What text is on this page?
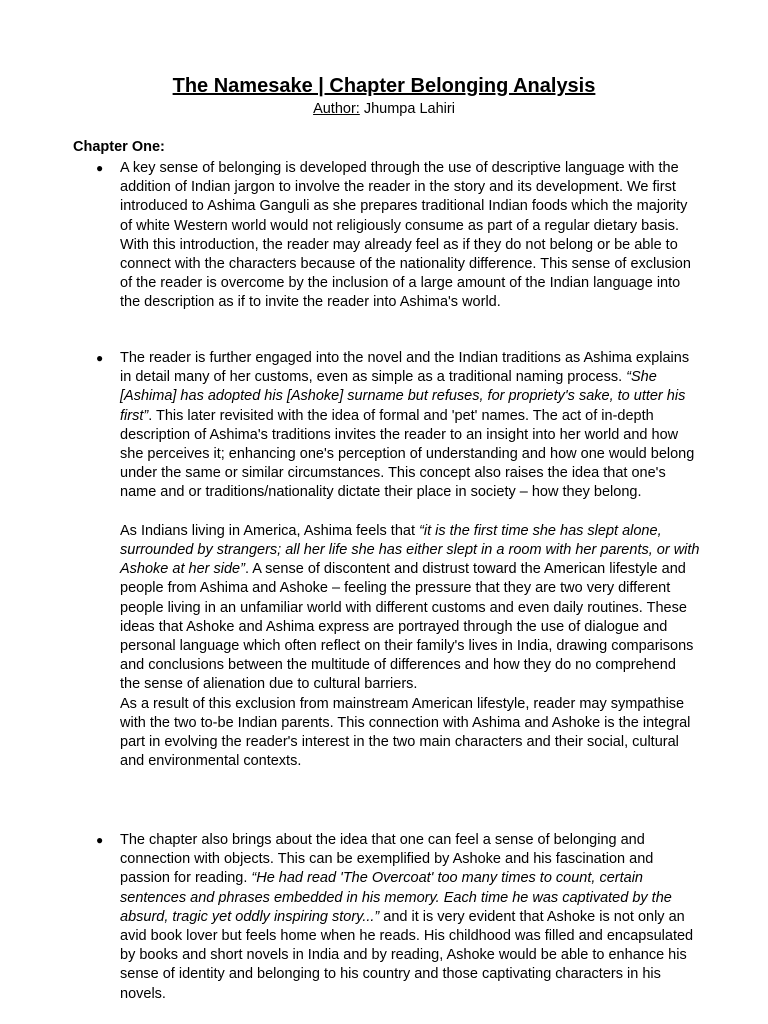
The Namesake | Chapter Belonging Analysis
Author: Jhumpa Lahiri
Chapter One:
● A key sense of belonging is developed through the use of descriptive language with the addition of Indian jargon to involve the reader in the story and its development. We first introduced to Ashima Ganguli as she prepares traditional Indian foods which the majority of white Western world would not religiously consume as part of a regular dietary basis. With this introduction, the reader may already feel as if they do not belong or be able to connect with the characters because of the nationality difference. This sense of exclusion of the reader is overcome by the inclusion of a large amount of the Indian language into the description as if to invite the reader into Ashima's world.

● The reader is further engaged into the novel and the Indian traditions as Ashima explains in detail many of her customs, even as simple as a traditional naming process. “She [Ashima] has adopted his [Ashoke] surname but refuses, for propriety's sake, to utter his first”. This later revisited with the idea of formal and 'pet' names. The act of in-depth description of Ashima's traditions invites the reader to an insight into her world and how she perceives it; enhancing one's perception of understanding and how one would belong under the same or similar circumstances. This concept also raises the idea that one's name and or traditions/nationality dictate their place in society – how they belong.

As Indians living in America, Ashima feels that “it is the first time she has slept alone, surrounded by strangers; all her life she has either slept in a room with her parents, or with Ashoke at her side”. A sense of discontent and distrust toward the American lifestyle and people from Ashima and Ashoke – feeling the pressure that they are two very different people living in an unfamiliar world with different customs and even daily routines. These ideas that Ashoke and Ashima express are portrayed through the use of dialogue and personal language which often reflect on their family's lives in India, drawing comparisons and conclusions between the multitude of differences and how they do no comprehend the sense of alienation due to cultural barriers.

As a result of this exclusion from mainstream American lifestyle, reader may sympathise with the two to-be Indian parents. This connection with Ashima and Ashoke is the integral part in evolving the reader's interest in the two main characters and their social, cultural and environmental contexts.

● The chapter also brings about the idea that one can feel a sense of belonging and connection with objects. This can be exemplified by Ashoke and his fascination and passion for reading. “He had read 'The Overcoat' too many times to count, certain sentences and phrases embedded in his memory. Each time he was captivated by the absurd, tragic yet oddly inspiring story...” and it is very evident that Ashoke is not only an avid book lover but feels home when he reads. His childhood was filled and encapsulated by books and short novels in India and by reading, Ashoke would be able to enhance his sense of identity and belonging to his country and those captivating characters in his novels.
